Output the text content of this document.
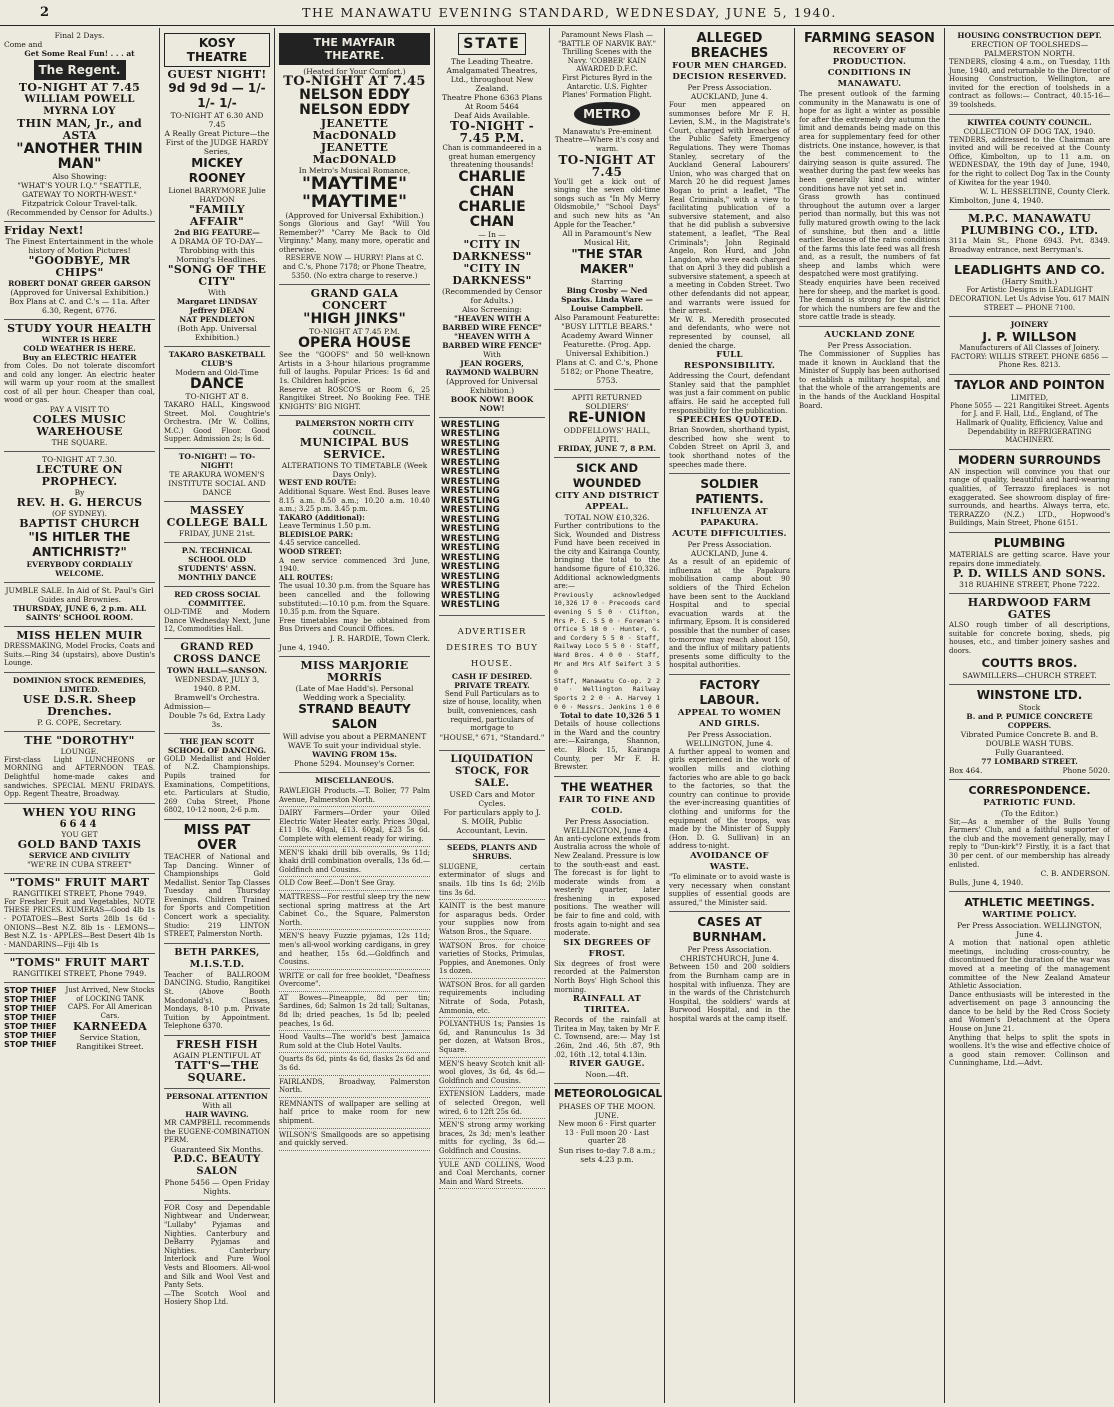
2	THE MANAWATU EVENING STANDARD, WEDNESDAY, JUNE 5, 1940.
Final 2 Days.
Come and
Get Some Real Fun! . . . at
The Regent.
TO-NIGHT AT 7.45
WILLIAM POWELL MYRNA LOY
THIN MAN, Jr., and ASTA
"ANOTHER THIN MAN"
Also Showing:
"WHAT'S YOUR I.Q." "SEATTLE, GATEWAY TO NORTH-WEST." Fitzpatrick Colour Travel-talk. (Recommended by Censor for Adults.)
Friday Next!
The Finest Entertainment in the whole history of Motion Pictures!
"GOODBYE, MR CHIPS"
ROBERT DONAT GREER GARSON
(Approved for Universal Exhibition.) Box Plans at C. and C.'s — 11a. After 6.30, Regent, 6776.
STUDY YOUR HEALTH
WINTER IS HERE
COLD WEATHER IS HERE.
Buy an ELECTRIC HEATER
from Coles. Do not tolerate discomfort and cold any longer. An electric heater will warm up your room at the smallest cost of all per hour. Cheaper than coal, wood or gas.
PAY A VISIT TO
COLES MUSIC WAREHOUSE
THE SQUARE.
TO-NIGHT AT 7.30.
LECTURE ON PROPHECY.
By
REV. H. G. HERCUS
(OF SYDNEY).
BAPTIST CHURCH
"IS HITLER THE ANTICHRIST?"
EVERYBODY CORDIALLY WELCOME.
JUMBLE SALE. In Aid of St. Paul's Girl Guides and Brownies.
THURSDAY, JUNE 6, 2 p.m. ALL SAINTS' SCHOOL ROOM.
MISS HELEN MUIR
DRESSMAKING, Model Frocks, Coats and Suits.—Ring 34 (upstairs), above Dustin's Lounge.
DOMINION STOCK REMEDIES, LIMITED.
USE D.S.R. Sheep Drenches.
P. G. COPE, Secretary.
THE "DOROTHY"
LOUNGE.
First-class Light LUNCHEONS or MORNING and AFTERNOON TEAS. Delightful home-made cakes and sandwiches. SPECIAL MENU FRIDAYS. Opp. Regent Theatre, Broadway.
WHEN YOU RING
6644
YOU GET
GOLD BAND TAXIS
SERVICE AND CIVILITY
"WE'RE IN CUBA STREET"
"TOMS" FRUIT MART
RANGITIKEI STREET, Phone 7949.
For Fresher Fruit and Vegetables, NOTE THESE PRICES. KUMERAS—Good 4lb 1s · POTATOES—Best Sorts 28lb 1s 6d · ONIONS—Best N.Z. 8lb 1s · LEMONS—Best N.Z. 1s · APPLES—Best Desert 4lb 1s · MANDARINS—Fiji 4lb 1s
"TOMS" FRUIT MART
RANGITIKEI STREET, Phone 7949.
STOP THIEF
STOP THIEF
STOP THIEF
STOP THIEF
STOP THIEF
STOP THIEF
STOP THIEF
Just Arrived, New Stocks of LOCKING TANK CAPS. For All American Cars.
KARNEEDA
Service Station, Rangitikei Street.
KOSY THEATRE
GUEST NIGHT!
9d 9d 9d — 1/- 1/- 1/-
TO-NIGHT AT 6.30 AND 7.45
A Really Great Picture—the First of the JUDGE HARDY Series,
MICKEY ROONEY
Lionel BARRYMORE Julie HAYDON
"FAMILY AFFAIR"
2nd BIG FEATURE—
A DRAMA OF TO-DAY—Throbbing with this Morning's Headlines.
"SONG OF THE CITY"
With
Margaret LINDSAY Jeffrey DEAN
NAT PENDLETON
(Both App. Universal Exhibition.)
TAKARO BASKETBALL CLUB'S
Modern and Old-Time
DANCE
TO-NIGHT AT 8.
TAKARO HALL, Kingswood Street. Mol. Coughtrie's Orchestra. (Mr W. Collins, M.C.) Good Floor. Good Supper. Admission 2s; ls 6d.
TO-NIGHT! — TO-NIGHT!
TE ARAKURA WOMEN'S INSTITUTE SOCIAL AND DANCE
MASSEY COLLEGE BALL
FRIDAY, JUNE 21st.
P.N. TECHNICAL SCHOOL OLD STUDENTS' ASSN. MONTHLY DANCE
RED CROSS SOCIAL COMMITTEE.
OLD-TIME and Modern Dance Wednesday Next, June 12, Commodities Hall.
GRAND RED CROSS DANCE
TOWN HALL—SANSON.
WEDNESDAY, JULY 3, 1940. 8 P.M.
Bramwell's Orchestra.
Admission—
Double 7s 6d, Extra Lady 3s.
THE JEAN SCOTT SCHOOL OF DANCING.
GOLD Medallist and Holder of N.Z. Championships. Pupils trained for Examinations, Competitions, etc. Particulars at Studio, 269 Cuba Street, Phone 6802, 10-12 noon, 2-6 p.m.
MISS PAT OVER
TEACHER of National and Tap Dancing. Winner of Championships Gold Medallist. Senior Tap Classes Tuesday and Thursday Evenings. Children Trained for Sports and Competition Concert work a speciality. Studio: 219 LINTON STREET, Palmerston North.
BETH PARKES, M.I.S.T.D.
Teacher of BALLROOM DANCING. Studio, Rangitikei St. (Above Booth Macdonald's). Classes, Mondays, 8-10 p.m. Private Tuition by Appointment. Telephone 6370.
FRESH FISH
AGAIN PLENTIFUL AT
TATT'S—THE SQUARE.
PERSONAL ATTENTION
With all
HAIR WAVING.
MR CAMPBELL recommends the EUGENE-COMBINATION PERM.
Guaranteed Six Months.
P.D.C. BEAUTY SALON
Phone 5456 — Open Friday Nights.
FOR Cosy and Dependable Nightwear and Underwear, "Lullaby" Pyjamas and Nighties. Canterbury and DeBarry Pyjamas and Nighties. Canterbury Interlock and Pure Wool Vests and Bloomers. All-wool and Silk and Wool Vest and Panty Sets.
—The Scotch Wool and Hosiery Shop Ltd.
THE MAYFAIR THEATRE.
(Heated for Your Comfort.)
TO-NIGHT AT 7.45
NELSON EDDY
NELSON EDDY
JEANETTE MacDONALD
JEANETTE MacDONALD
In Metro's Musical Romance,
"MAYTIME"
"MAYTIME"
(Approved for Universal Exhibition.)
Songs Glorious and Gay! "Will You Remember?" "Carry Me Back to Old Virginny." Many, many more, operatic and otherwise.
RESERVE NOW — HURRY! Plans at C. and C.'s, Phone 7178; or Phone Theatre, 5350. (No extra charge to reserve.)
GRAND GALA CONCERT
"HIGH JINKS"
TO-NIGHT AT 7.45 P.M.
OPERA HOUSE
See the "GOOFS" and 50 well-known Artists in a 3-hour hilarious programme full of laughs. Popular Prices: 1s 6d and 1s. Children half-price.
Reserve at ROSCO'S or Room 6, 25 Rangitikei Street. No Booking Fee. THE KNIGHTS' BIG NIGHT.
PALMERSTON NORTH CITY COUNCIL.
MUNICIPAL BUS SERVICE.
ALTERATIONS TO TIMETABLE (Week Days Only).
WEST END ROUTE:
Additional Square. West End. Buses leave 8.15 a.m. 8.50 a.m.; 10.20 a.m. 10.40 a.m.; 3.25 p.m. 3.45 p.m.
TAKARO (Additional):
Leave Terminus 1.50 p.m.
BLEDISLOE PARK:
4.45 service cancelled.
WOOD STREET:
A new service commenced 3rd June, 1940.
ALL ROUTES:
The usual 10.30 p.m. from the Square has been cancelled and the following substituted:—10.10 p.m. from the Square. 10.35 p.m. from the Square.
Free timetables may be obtained from Bus Drivers and Council Offices.
J. R. HARDIE, Town Clerk.
June 4, 1940.
MISS MARJORIE MORRIS
(Late of Mae Hadd's). Personal Wedding work a Speciality.
STRAND BEAUTY SALON
Will advise you about a PERMANENT WAVE To suit your individual style.
WAVING FROM 15s.
Phone 5294. Mounsey's Corner.
MISCELLANEOUS.
RAWLEIGH Products.—T. Bolier, 77 Palm Avenue, Palmerston North.
DAIRY Farmers—Order your Oiled Electric Water Heater early. Prices 30gal, £11 10s. 40gal, £13. 60gal, £23 5s 6d. Complete with element ready for wiring.
MEN'S khaki drill bib overalls, 9s 11d; khaki drill combination overalls, 13s 6d.—Goldfinch and Cousins.
OLD Cow Beef.—Don't See Gray.
MATTRESS—For restful sleep try the new sectional spring mattress at the Art Cabinet Co., the Square, Palmerston North.
MEN'S heavy Fuzzie pyjamas, 12s 11d; men's all-wool working cardigans, in grey and heather, 15s 6d.—Goldfinch and Cousins.
WRITE or call for free booklet, "Deafness Overcome".
AT Bowes—Pineapple, 8d per tin; Sardines, 6d; Salmon 1s 2d tall; Sultanas, 8d lb; dried peaches, 1s 5d lb; peeled peaches, 1s 6d.
Hood Vaults—The world's best Jamaica Rum sold at the Club Hotel Vaults.
Quarts 8s 6d, pints 4s 6d, flasks 2s 6d and 3s 6d.
FAIRLANDS, Broadway, Palmerston North.
REMNANTS of wallpaper are selling at half price to make room for new shipment.
WILSON'S Smallgoods are so appetising and quickly served.
STATE
The Leading Theatre. Amalgamated Theatres, Ltd., throughout New Zealand.
Theatre Phone 6363 Plans At Room 5464
Deaf Aids Available.
TO-NIGHT - 7.45 P.M.
Chan is commandeered in a great human emergency threatening thousands!
CHARLIE CHAN
CHARLIE CHAN
— In —
"CITY IN DARKNESS"
"CITY IN DARKNESS"
(Recommended by Censor for Adults.)
Also Screening:
"HEAVEN WITH A BARBED WIRE FENCE"
"HEAVEN WITH A BARBED WIRE FENCE"
With
JEAN ROGERS, RAYMOND WALBURN
(Approved for Universal Exhibition.)
BOOK NOW! BOOK NOW!
WRESTLING
WRESTLING
WRESTLING
WRESTLING
WRESTLING
WRESTLING
WRESTLING
WRESTLING
WRESTLING
WRESTLING
WRESTLING
WRESTLING
WRESTLING
WRESTLING
WRESTLING
WRESTLING
WRESTLING
WRESTLING
WRESTLING
WRESTLING
ADVERTISER DESIRES TO BUY HOUSE.
CASH IF DESIRED.
PRIVATE TREATY.
Send Full Particulars as to size of house, locality, when built, conveniences, cash required, particulars of mortgage to
"HOUSE," 671, "Standard."
LIQUIDATION STOCK, FOR SALE.
USED Cars and Motor Cycles.
For particulars apply to J. S. MOIR, Public Accountant, Levin.
SEEDS, PLANTS AND SHRUBS.
SLUGENE, certain exterminator of slugs and snails. 1lb tins 1s 6d; 2½lb tins 3s 6d.
KAINIT is the best manure for asparagus beds. Order your supplies now from Watson Bros., the Square.
WATSON Bros. for choice varieties of Stocks, Primulas, Poppies, and Anemones. Only 1s dozen.
WATSON Bros. for all garden requirements including Nitrate of Soda, Potash, Ammonia, etc.
POLYANTHUS 1s; Pansies 1s 6d, and Ranunculus 1s 3d per dozen, at Watson Bros., Square.
MEN'S heavy Scotch knit all-wool gloves, 3s 6d, 4s 6d.—Goldfinch and Cousins.
EXTENSION Ladders, made of selected Oregon, well wired, 6 to 12ft 25s 6d.
MEN'S strong army working braces, 2s 3d; men's leather mitts for cycling, 3s 6d.—Goldfinch and Cousins.
YULE AND COLLINS, Wood and Coal Merchants, corner Main and Ward Streets.
Paramount News Flash — "BATTLE OF NARVIK BAY."
Thrilling Scenes with the Navy. 'COBBER' KAIN AWARDED D.F.C.
First Pictures Byrd in the Antarctic. U.S. Fighter Planes' Formation Flight.
METRO
Manawatu's Pre-eminent Theatre—Where it's cosy and warm.
TO-NIGHT AT 7.45
You'll get a kick out of singing the seven old-time songs such as "In My Merry Oldsmobile," "School Days" and such new hits as "An Apple for the Teacher."
All in Paramount's New Musical Hit,
"THE STAR MAKER"
Starring
Bing Crosby — Ned Sparks. Linda Ware — Louise Campbell.
Also Paramount Featurette: "BUSY LITTLE BEARS."
Academy Award Winner Featurette. (Prog. App. Universal Exhibition.)
Plans at C. and C.'s, Phone 5182; or Phone Theatre, 5753.
APITI RETURNED SOLDIERS'
RE-UNION
ODDFELLOWS' HALL,
APITI.
FRIDAY, JUNE 7, 8 P.M.
SICK AND WOUNDED
CITY AND DISTRICT APPEAL.
TOTAL NOW £10,326.
Further contributions to the Sick, Wounded and Distress Fund have been received in the city and Kairanga County, bringing the total to the handsome figure of £10,326. Additional acknowledgments are:—
Previously acknowledged 10,326 17 0 · Precoods card evening 5 5 0 · Clifton, Mrs P. E. 5 5 0 · Foreman's Office 5 10 0 · Hunter, G. and Cordery 5 5 0 · Staff, Railway Loco 5 5 0 · Staff, Ward Bros. 4 0 0 · Staff, Mr and Mrs Alf Seifert 3 5 0
Staff, Manawatu Co-op. 2 2 0 · Wellington Railway Sports 2 2 0 · A. Harvey 1 0 0 · Messrs. Jenkins 1 0 0
Total to date 10,326 5 1
Details of house collections in the Ward and the country are:—Kairanga, Shannon, etc. Block 15, Kairanga County, per Mr F. H. Brewster.
THE WEATHER
FAIR TO FINE AND COLD.
Per Press Association. WELLINGTON, June 4.
An anti-cyclone extends from Australia across the whole of New Zealand. Pressure is low to the south-east and east. The forecast is for light to moderate winds from a westerly quarter, later freshening in exposed positions. The weather will be fair to fine and cold, with frosts again to-night and sea moderate.
SIX DEGREES OF FROST.
Six degrees of frost were recorded at the Palmerston North Boys' High School this morning.
RAINFALL AT TIRITEA.
Records of the rainfall at Tiritea in May, taken by Mr F. C. Townsend, are:— May 1st .26in, 2nd .46, 5th .87, 9th .02, 16th .12, total 4.13in.
RIVER GAUGE.
Noon.—4ft.
METEOROLOGICAL
PHASES OF THE MOON.
JUNE.
New moon 6 · First quarter 13 · Full moon 20 · Last quarter 28
Sun rises to-day 7.8 a.m.; sets 4.23 p.m.
ALLEGED BREACHES
FOUR MEN CHARGED.
DECISION RESERVED.
Per Press Association. AUCKLAND, June 4.
Four men appeared on summonses before Mr F. H. Levien, S.M., in the Magistrate's Court, charged with breaches of the Public Safety Emergency Regulations. They were Thomas Stanley, secretary of the Auckland General Labourers' Union, who was charged that on March 20 he did request James Bogan to print a leaflet, "The Real Criminals," with a view to facilitating publication of a subversive statement, and also that he did publish a subversive statement, a leaflet, "The Real Criminals"; John Reginald Angelo, Ron Hurd, and John Langdon, who were each charged that on April 3 they did publish a subversive statement, a speech at a meeting in Cobden Street. Two other defendants did not appear, and warrants were issued for their arrest.
Mr W. R. Meredith prosecuted and defendants, who were not represented by counsel, all denied the charge.
FULL RESPONSIBILITY.
Addressing the Court, defendant Stanley said that the pamphlet was just a fair comment on public affairs. He said he accepted full responsibility for the publication.
SPEECHES QUOTED.
Brian Snowden, shorthand typist, described how she went to Cobden Street on April 3, and took shorthand notes of the speeches made there.
SOLDIER PATIENTS.
INFLUENZA AT PAPAKURA.
ACUTE DIFFICULTIES.
Per Press Association. AUCKLAND, June 4.
As a result of an epidemic of influenza at the Papakura mobilisation camp about 90 soldiers of the Third Echelon have been sent to the Auckland Hospital and to special evacuation wards at the infirmary, Epsom. It is considered possible that the number of cases to-morrow may reach about 150, and the influx of military patients presents some difficulty to the hospital authorities.
FACTORY LABOUR.
APPEAL TO WOMEN AND GIRLS.
Per Press Association. WELLINGTON, June 4.
A further appeal to women and girls experienced in the work of woollen mills and clothing factories who are able to go back to the factories, so that the country can continue to provide the ever-increasing quantities of clothing and uniforms for the equipment of the troops, was made by the Minister of Supply (Hon. D. G. Sullivan) in an address to-night.
AVOIDANCE OF WASTE.
"To eliminate or to avoid waste is very necessary when constant supplies of essential goods are assured," the Minister said.
CASES AT BURNHAM.
Per Press Association. CHRISTCHURCH, June 4.
Between 150 and 200 soldiers from the Burnham camp are in hospital with influenza. They are in the wards of the Christchurch Hospital, the soldiers' wards at Burwood Hospital, and in the hospital wards at the camp itself.
FARMING SEASON
RECOVERY OF PRODUCTION.
CONDITIONS IN MANAWATU.
The present outlook of the farming community in the Manawatu is one of hope for as light a winter as possible for after the extremely dry autumn the limit and demands being made on this area for supplementary feed for other districts. One instance, however, is that the best commencement to the dairying season is quite assured. The weather during the past few weeks has been generally kind and winter conditions have not yet set in.
Grass growth has continued throughout the autumn over a larger period than normally, but this was not fully matured growth owing to the lack of sunshine, but then and a little earlier. Because of the rains conditions of the farms this late feed was all fresh and, as a result, the numbers of fat sheep and lambs which were despatched were most gratifying.
Steady enquiries have been received here for sheep, and the market is good. The demand is strong for the district for which the numbers are few and the store cattle trade is steady.
AUCKLAND ZONE
Per Press Association.
The Commissioner of Supplies has made it known in Auckland that the Minister of Supply has been authorised to establish a military hospital, and that the whole of the arrangements are in the hands of the Auckland Hospital Board.
HOUSING CONSTRUCTION DEPT.
ERECTION OF TOOLSHEDS— PALMERSTON NORTH.
TENDERS, closing 4 a.m., on Tuesday, 11th June, 1940, and returnable to the Director of Housing Construction, Wellington, are invited for the erection of toolsheds in a contract as follows:— Contract, 40.15-16—39 toolsheds.
KIWITEA COUNTY COUNCIL.
COLLECTION OF DOG TAX, 1940.
TENDERS, addressed to the Chairman are invited and will be received at the County Office, Kimbolton, up to 11 a.m. on WEDNESDAY, the 19th day of June, 1940, for the right to collect Dog Tax in the County of Kiwitea for the year 1940.
W. L. HESSELTINE, County Clerk.
Kimbolton, June 4, 1940.
M.P.C. MANAWATU PLUMBING CO., LTD.
311a Main St., Phone 6943. Pvt. 8349. Broadway entrance, next Berryman's.
LEADLIGHTS AND CO.
(Harry Smith.)
For Artistic Designs in LEADLIGHT DECORATION. Let Us Advise You. 617 MAIN STREET — PHONE 7100.
JOINERY
J. P. WILLSON
Manufacturers of All Classes of Joinery. FACTORY: WILLIS STREET. PHONE 6856 — Phone Res. 8213.
TAYLOR AND POINTON
LIMITED,
Phone 5055 — 221 Rangitikei Street. Agents for J. and F. Hall, Ltd., England, of The Hallmark of Quality, Efficiency, Value and Dependability in REFRIGERATING MACHINERY.
MODERN SURROUNDS
AN inspection will convince you that our range of quality, beautiful and hard-wearing qualities, of Terrazzo fireplaces is not exaggerated. See showroom display of fire-surrounds, and hearths. Always terra, etc. TERRAZZO (N.Z.) LTD., Hopwood's Buildings, Main Street, Phone 6151.
PLUMBING
MATERIALS are getting scarce. Have your repairs done immediately.
P. D. WILLS AND SONS.
318 RUAHINE STREET, Phone 7222.
HARDWOOD FARM GATES
ALSO rough timber of all descriptions, suitable for concrete boxing, sheds, pig houses, etc., and timber joinery sashes and doors.
COUTTS BROS.
SAWMILLERS—CHURCH STREET.
WINSTONE LTD.
Stock
B. and P. PUMICE CONCRETE COPPERS.
Vibrated Pumice Concrete B. and B. DOUBLE WASH TUBS.
Fully Guaranteed.
77 LOMBARD STREET.
Box 464.	Phone 5020.
CORRESPONDENCE.
PATRIOTIC FUND.
(To the Editor.)
Sir,—As a member of the Bulls Young Farmers' Club, and a faithful supporter of the club and the movement generally, may I reply to "Dun-kirk"? Firstly, it is a fact that 30 per cent. of our membership has already enlisted.
C. B. ANDERSON.
Bulls, June 4, 1940.
ATHLETIC MEETINGS.
WARTIME POLICY.
Per Press Association. WELLINGTON, June 4.
A motion that national open athletic meetings, including cross-country, be discontinued for the duration of the war was moved at a meeting of the management committee of the New Zealand Amateur Athletic Association.
Dance enthusiasts will be interested in the advertisement on page 3 announcing the dance to be held by the Red Cross Society and Women's Detachment at the Opera House on June 21.
Anything that helps to split the spots in woollens. It's the wise and effective choice of a good stain remover. Collinson and Cunninghame, Ltd.—Advt.
